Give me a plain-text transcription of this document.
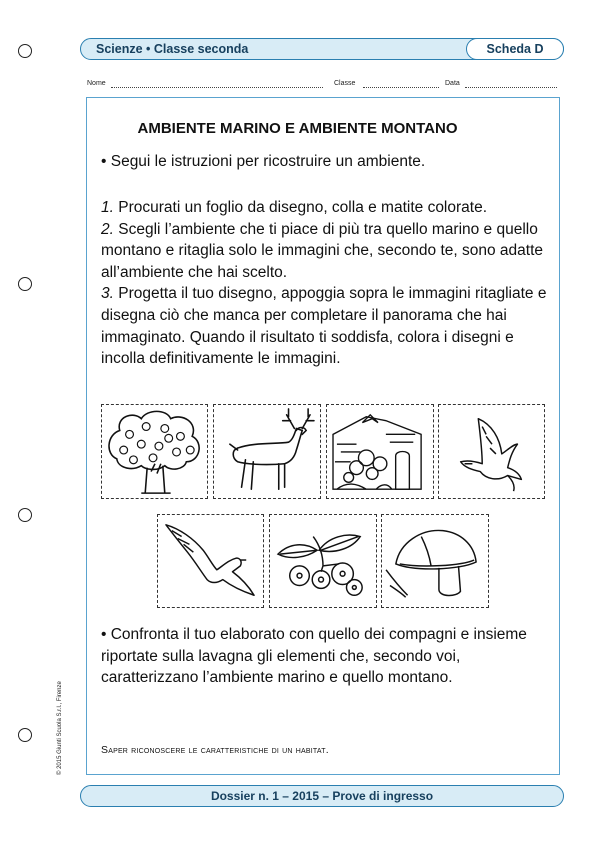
Scienze • Classe seconda	Scheda D
Nome	Classe	Data
AMBIENTE MARINO E AMBIENTE MONTANO
• Segui le istruzioni per ricostruire un ambiente.

1. Procurati un foglio da disegno, colla e matite colorate.

2. Scegli l’ambiente che ti piace di più tra quello marino e quello montano e ritaglia solo le immagini che, secondo te, sono adatte all’ambiente che hai scelto.

3. Progetta il tuo disegno, appoggia sopra le immagini ritagliate e disegna ciò che manca per completare il panorama che hai immaginato. Quando il risultato ti soddisfa, colora i disegni e incolla definitivamente le immagini.

• Confronta il tuo elaborato con quello dei compagni e insieme riportate sulla lavagna gli elementi che, secondo voi, caratterizzano l’ambiente marino e quello montano.
Saper riconoscere le caratteristiche di un habitat.
Dossier n. 1 – 2015 – Prove di ingresso
© 2015 Giunti Scuola S.r.l., Firenze
